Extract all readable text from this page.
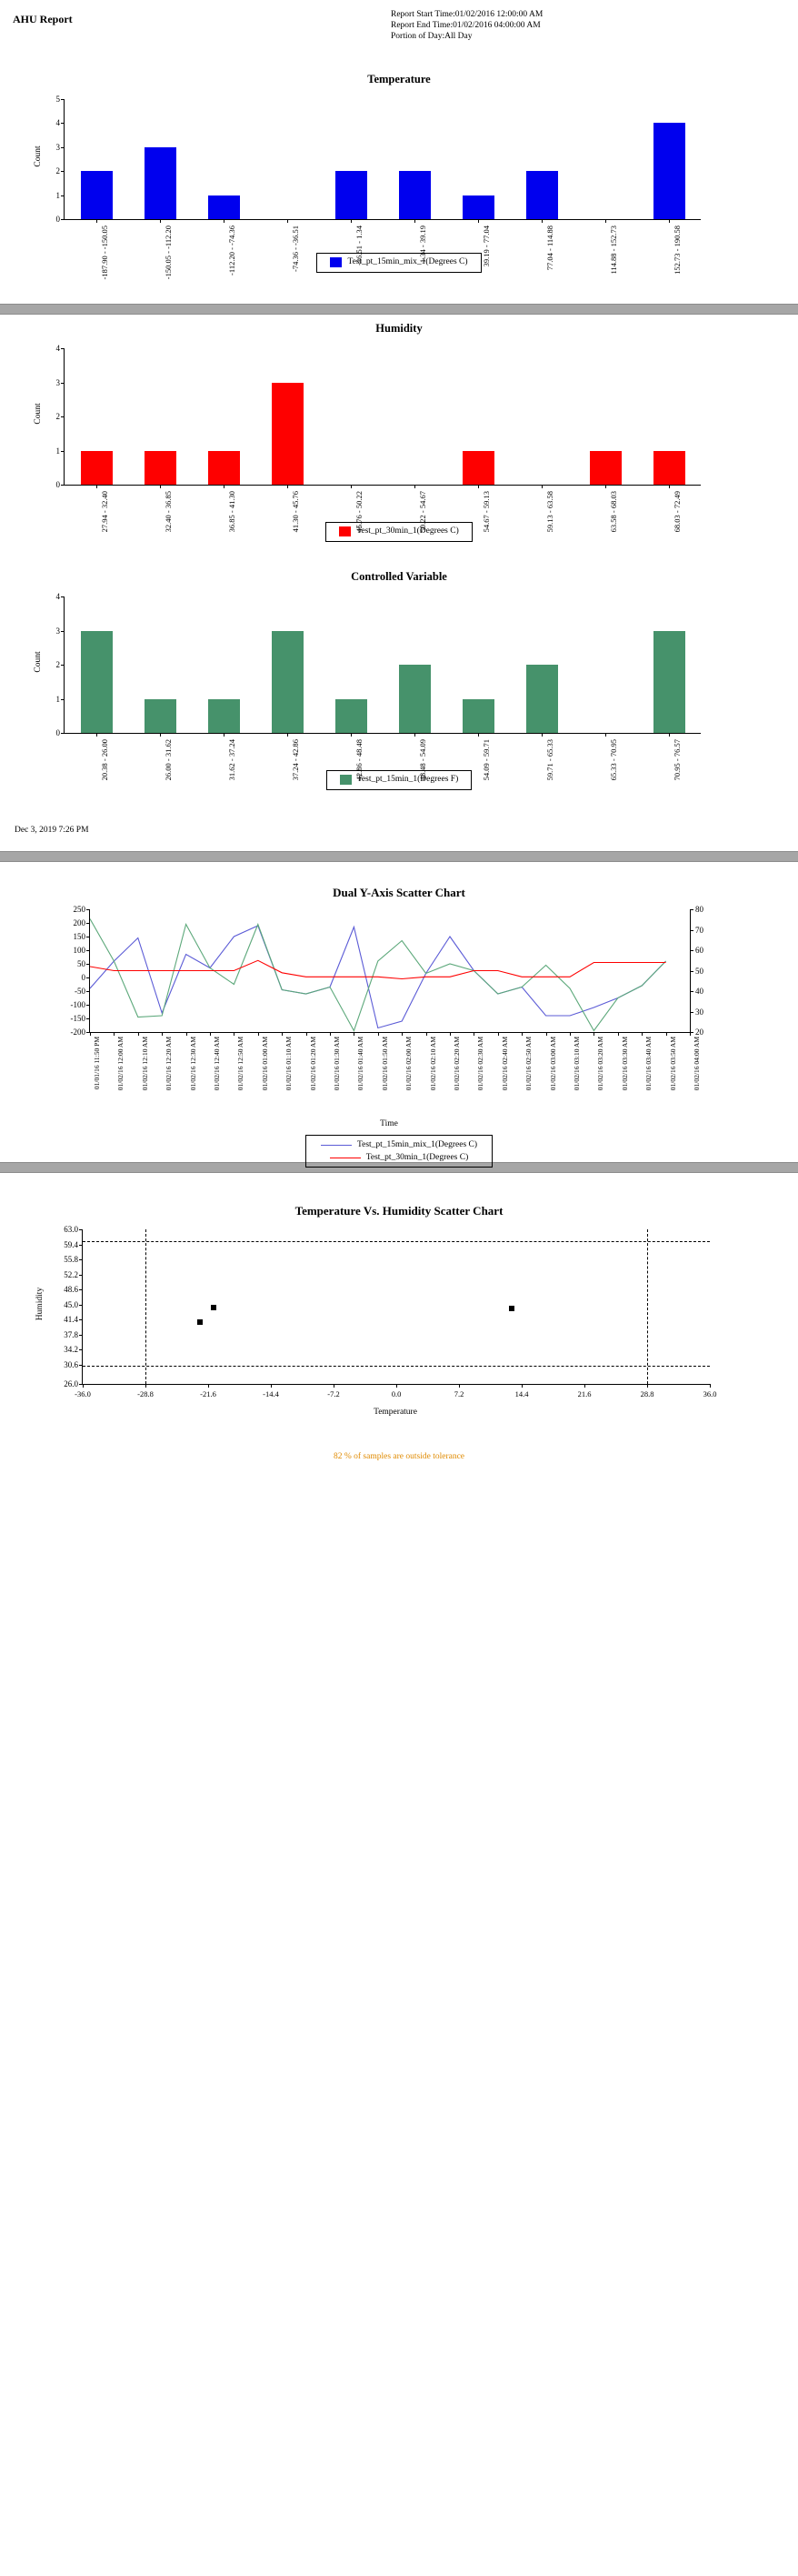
AHU Report	Report Start Time:01/02/2016 12:00:00 AM
Report End Time:01/02/2016 04:00:00 AM
Portion of Day:All Day
Temperature
0
1
2
3
4
5
-187.90 - -150.05	-150.05 - -112.20	-112.20 - -74.36	-74.36 - -36.51	-36.51 - 1.34	1.34 - 39.19	39.19 - 77.04	77.04 - 114.88	114.88 - 152.73	152.73 - 190.58
Count
Test_pt_15min_mix_1(Degrees C)
Humidity
0
1
2
3
4
27.94 - 32.40	32.40 - 36.85	36.85 - 41.30	41.30 - 45.76	45.76 - 50.22	50.22 - 54.67	54.67 - 59.13	59.13 - 63.58	63.58 - 68.03	68.03 - 72.49
Count
Test_pt_30min_1(Degrees C)
Controlled Variable
0
1
2
3
4
20.38 - 26.00	26.00 - 31.62	31.62 - 37.24	37.24 - 42.86	42.86 - 48.48	48.48 - 54.09	54.09 - 59.71	59.71 - 65.33	65.33 - 70.95	70.95 - 76.57
Count
Test_pt_15min_1(Degrees F)
Dec 3, 2019 7:26 PM
Dual Y-Axis Scatter Chart
-200
-150
-100
-50
0
50
100
150
200
250
20
30
40
50
60
70
80
01/01/16 11:50 PM 01/02/16 12:00 AM 01/02/16 12:10 AM 01/02/16 12:20 AM 01/02/16 12:30 AM 01/02/16 12:40 AM 01/02/16 12:50 AM 01/02/16 01:00 AM 01/02/16 01:10 AM 01/02/16 01:20 AM 01/02/16 01:30 AM 01/02/16 01:40 AM 01/02/16 01:50 AM 01/02/16 02:00 AM 01/02/16 02:10 AM 01/02/16 02:20 AM 01/02/16 02:30 AM 01/02/16 02:40 AM 01/02/16 02:50 AM 01/02/16 03:00 AM 01/02/16 03:10 AM 01/02/16 03:20 AM 01/02/16 03:30 AM 01/02/16 03:40 AM 01/02/16 03:50 AM 01/02/16 04:00 AM
Time
Test_pt_15min_mix_1(Degrees C)

Test_pt_30min_1(Degrees C)
Temperature Vs. Humidity Scatter Chart
26.0
30.6
34.2
37.8
41.4
45.0
48.6
52.2
55.8
59.4
63.0
-36.0	-28.8	-21.6	-14.4	-7.2	0.0	7.2	14.4	21.6	28.8	36.0
Humidity
Temperature
82 % of samples are outside tolerance
